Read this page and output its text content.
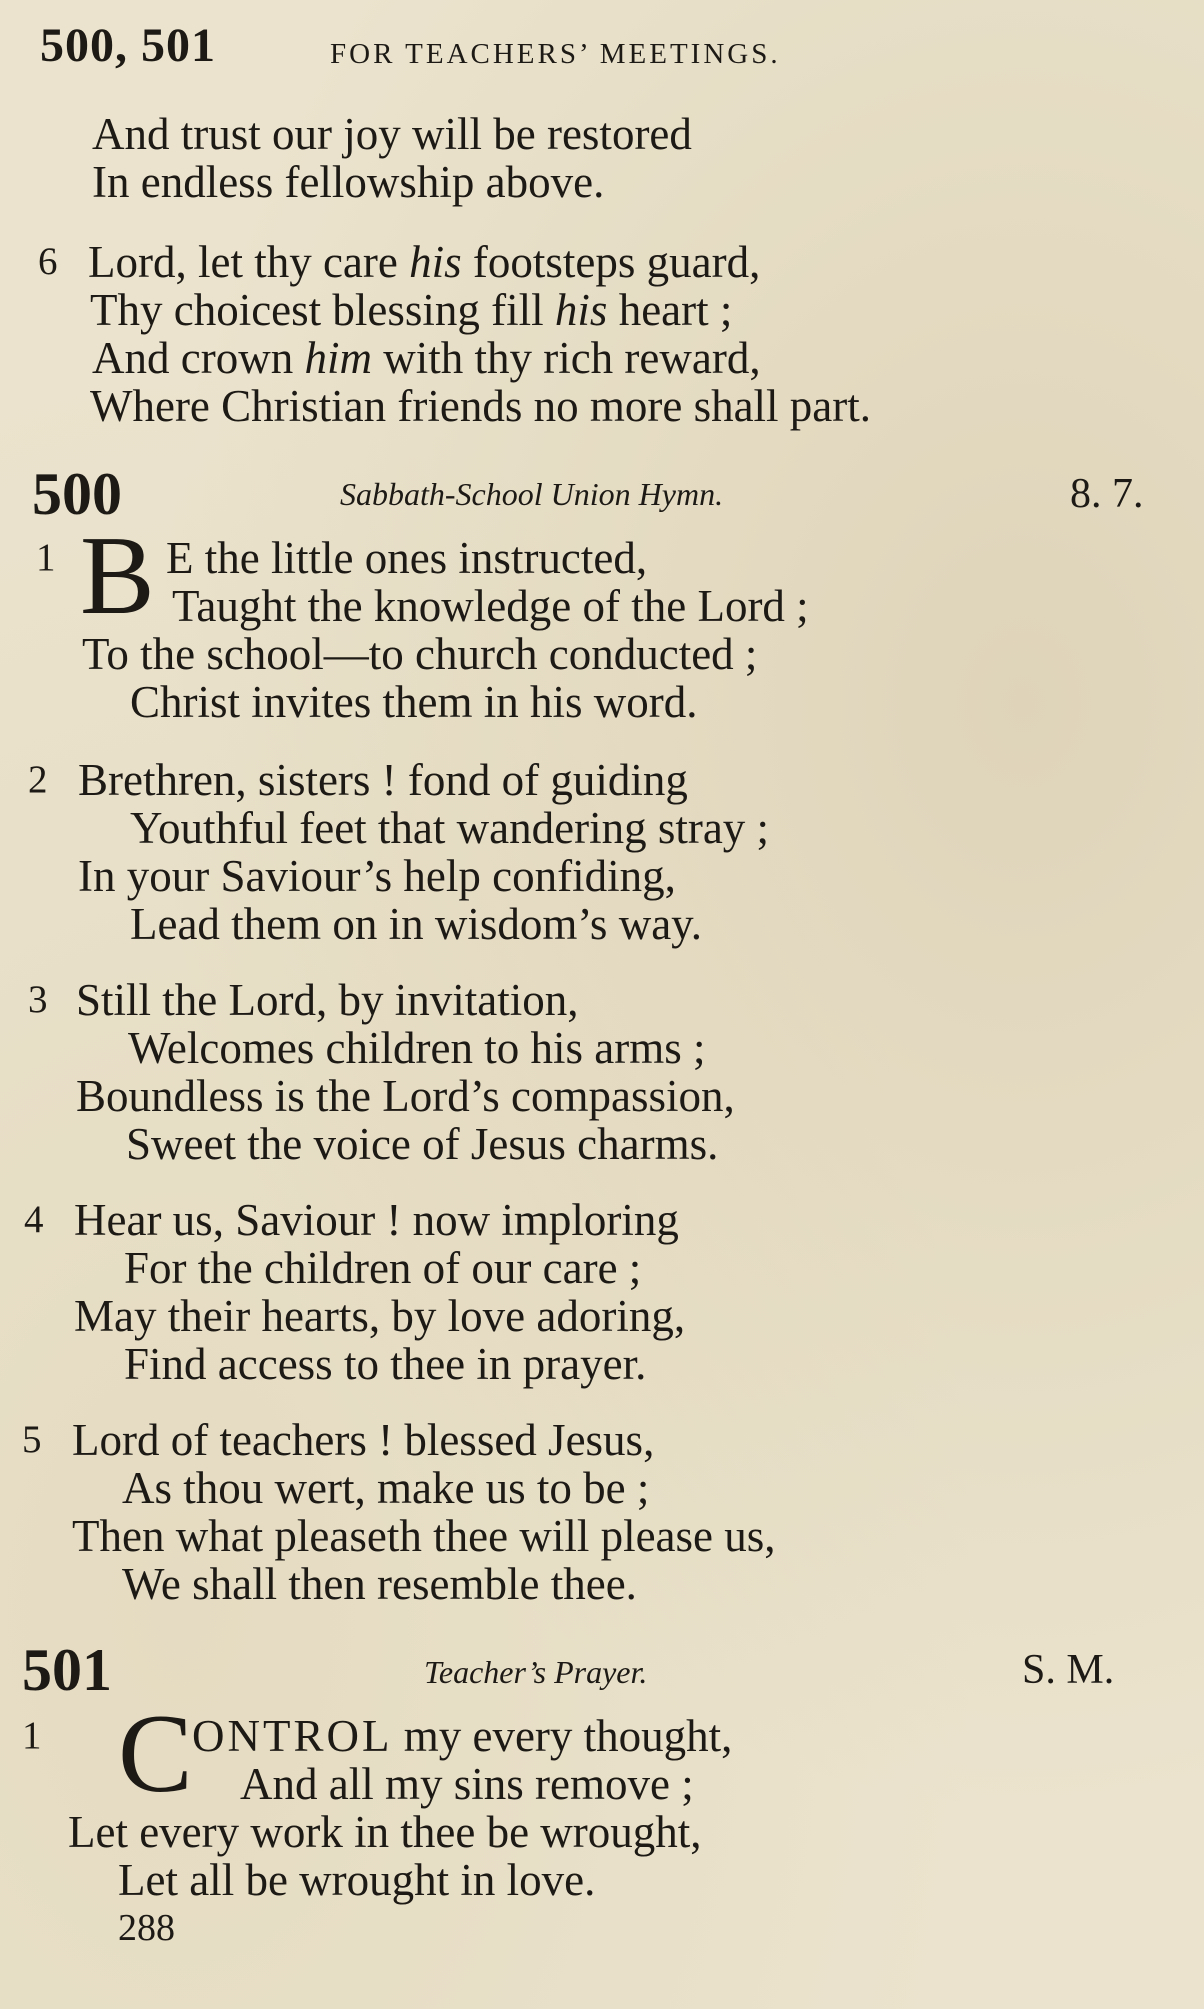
500, 501	FOR TEACHERS’ MEETINGS.
And trust our joy will be restored
In endless fellowship above.
6 Lord, let thy care his footsteps guard,
Thy choicest blessing fill his heart ;
And crown him with thy rich reward,
Where Christian friends no more shall part.
500	Sabbath-School Union Hymn.	8. 7.
1 B E the little ones instructed,
Taught the knowledge of the Lord ;
To the school—to church conducted ;
Christ invites them in his word.
2 Brethren, sisters ! fond of guiding
Youthful feet that wandering stray ;
In your Saviour’s help confiding,
Lead them on in wisdom’s way.
3 Still the Lord, by invitation,
Welcomes children to his arms ;
Boundless is the Lord’s compassion,
Sweet the voice of Jesus charms.
4 Hear us, Saviour ! now imploring
For the children of our care ;
May their hearts, by love adoring,
Find access to thee in prayer.
5 Lord of teachers ! blessed Jesus,
As thou wert, make us to be ;
Then what pleaseth thee will please us,
We shall then resemble thee.
501	Teacher’s Prayer.	S. M.
1 C ONTROL my every thought,
And all my sins remove ;
Let every work in thee be wrought,
Let all be wrought in love.
288
